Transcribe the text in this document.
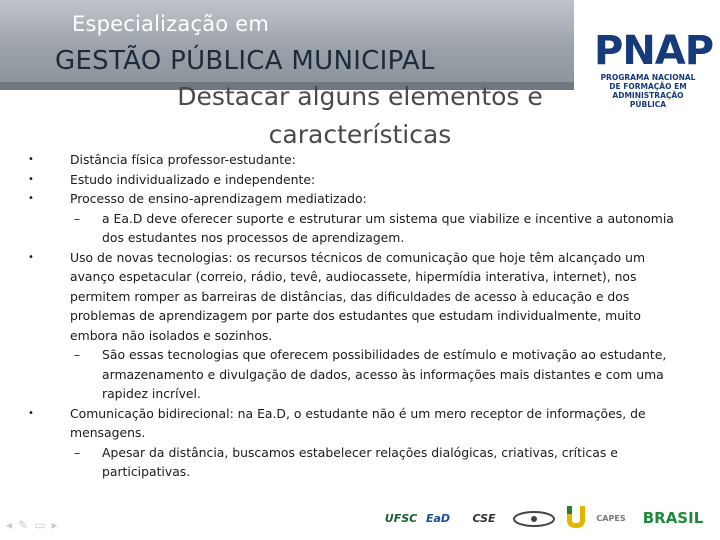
Especialização em
GESTÃO PÚBLICA MUNICIPAL	PNAP
PROGRAMA NACIONAL DE FORMAÇÃO EM ADMINISTRAÇÃO PÚBLICA
Destacar alguns elementos e características
•	Distância física professor-estudante:
•	Estudo individualizado e independente:
•	Processo de ensino-aprendizagem mediatizado:
– a Ea.D deve oferecer suporte e estruturar um sistema que viabilize e incentive a autonomia dos estudantes nos processos de aprendizagem.
•	Uso de novas tecnologias: os recursos técnicos de comunicação que hoje têm alcançado um avanço espetacular (correio, rádio, tevê, audiocassete, hipermídia interativa, internet), nos permitem romper as barreiras de distâncias, das dificuldades de acesso à educação e dos problemas de aprendizagem por parte dos estudantes que estudam individualmente, muito embora não isolados e sozinhos.
– São essas tecnologias que oferecem possibilidades de estímulo e motivação ao estudante, armazenamento e divulgação de dados, acesso às informações mais distantes e com uma rapidez incrível.
•	Comunicação bidirecional: na Ea.D, o estudante não é um mero receptor de informações, de mensagens.
– Apesar da distância, buscamos estabelecer relações dialógicas, criativas, críticas e participativas.
◂✎▭▸	UFSC EaD	CSE	CAPES	BRASIL
